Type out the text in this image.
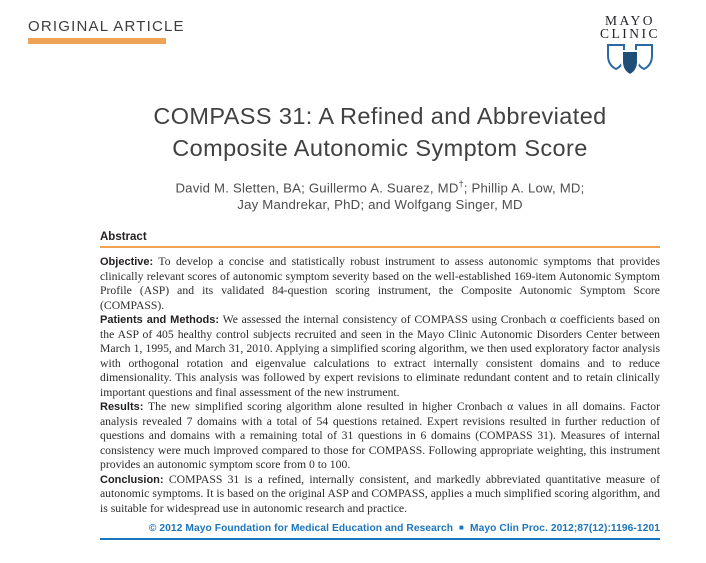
ORIGINAL ARTICLE	MAYO
CLINIC
COMPASS 31: A Refined and Abbreviated
Composite Autonomic Symptom Score
David M. Sletten, BA; Guillermo A. Suarez, MD†; Phillip A. Low, MD;
Jay Mandrekar, PhD; and Wolfgang Singer, MD
Abstract

Objective: To develop a concise and statistically robust instrument to assess autonomic symptoms that provides clinically relevant scores of autonomic symptom severity based on the well-established 169-item Autonomic Symptom Profile (ASP) and its validated 84-question scoring instrument, the Composite Autonomic Symptom Score (COMPASS).

Patients and Methods: We assessed the internal consistency of COMPASS using Cronbach α coefficients based on the ASP of 405 healthy control subjects recruited and seen in the Mayo Clinic Autonomic Disorders Center between March 1, 1995, and March 31, 2010. Applying a simplified scoring algorithm, we then used exploratory factor analysis with orthogonal rotation and eigenvalue calculations to extract internally consistent domains and to reduce dimensionality. This analysis was followed by expert revisions to eliminate redundant content and to retain clinically important questions and final assessment of the new instrument.

Results: The new simplified scoring algorithm alone resulted in higher Cronbach α values in all domains. Factor analysis revealed 7 domains with a total of 54 questions retained. Expert revisions resulted in further reduction of questions and domains with a remaining total of 31 questions in 6 domains (COMPASS 31). Measures of internal consistency were much improved compared to those for COMPASS. Following appropriate weighting, this instrument provides an autonomic symptom score from 0 to 100.

Conclusion: COMPASS 31 is a refined, internally consistent, and markedly abbreviated quantitative measure of autonomic symptoms. It is based on the original ASP and COMPASS, applies a much simplified scoring algorithm, and is suitable for widespread use in autonomic research and practice.

© 2012 Mayo Foundation for Medical Education and Research ■ Mayo Clin Proc. 2012;87(12):1196-1201
